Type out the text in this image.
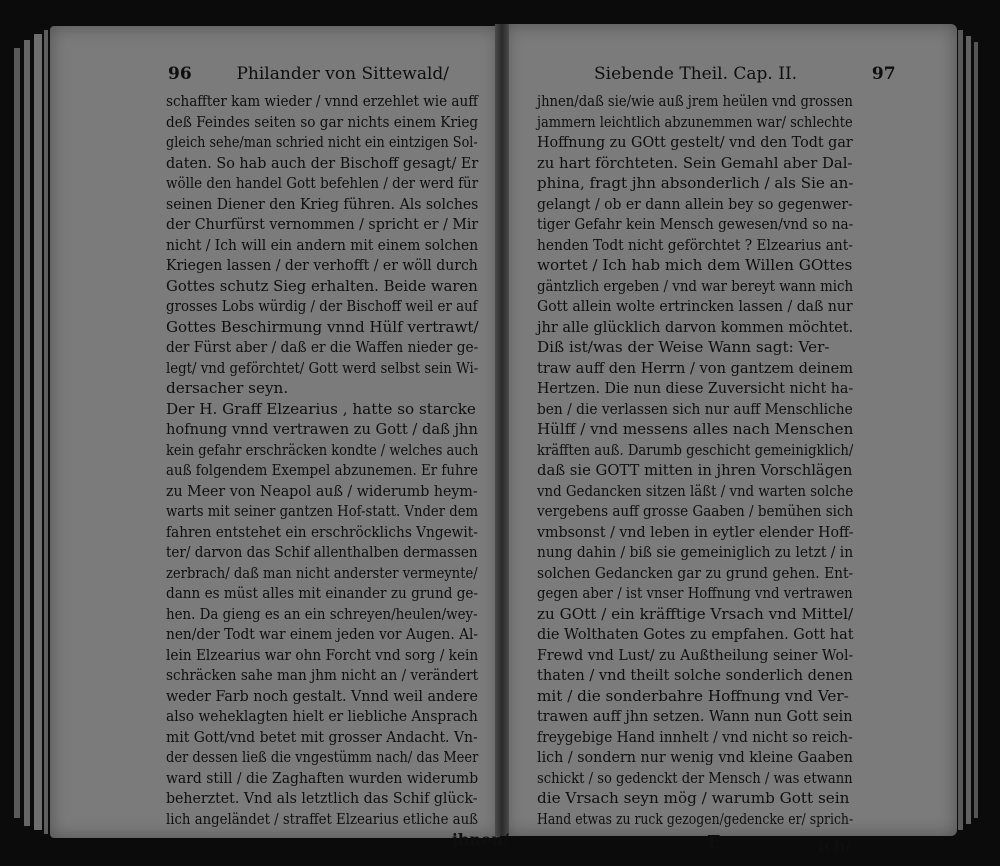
96	Philander von Sittewald/	Siebende Theil. Cap. II.	97
schaffter kam wieder / vnnd erzehlet wie auff
deß Feindes seiten so gar nichts einem Krieg
gleich sehe/man schried nicht ein eintzigen Sol-
daten. So hab auch der Bischoff gesagt/ Er
wölle den handel Gott befehlen / der werd für
seinen Diener den Krieg führen. Als solches
der Churfürst vernommen / spricht er / Mir
nicht / Ich will ein andern mit einem solchen
Kriegen lassen / der verhofft / er wöll durch
Gottes schutz Sieg erhalten. Beide waren
grosses Lobs würdig / der Bischoff weil er auf
Gottes Beschirmung vnnd Hülf vertrawt/
der Fürst aber / daß er die Waffen nieder ge-
legt/ vnd geförchtet/ Gott werd selbst sein Wi-
dersacher seyn.
Der H. Graff Elzearius , hatte so starcke
hofnung vnnd vertrawen zu Gott / daß jhn
kein gefahr erschräcken kondte / welches auch
auß folgendem Exempel abzunemen. Er fuhre
zu Meer von Neapol auß / widerumb heym-
warts mit seiner gantzen Hof-statt. Vnder dem
fahren entstehet ein erschröcklichs Vngewit-
ter/ darvon das Schif allenthalben dermassen
zerbrach/ daß man nicht anderster vermeynte/
dann es müst alles mit einander zu grund ge-
hen. Da gieng es an ein schreyen/heulen/wey-
nen/der Todt war einem jeden vor Augen. Al-
lein Elzearius war ohn Forcht vnd sorg / kein
schräcken sahe man jhm nicht an / verändert
weder Farb noch gestalt. Vnnd weil andere
also weheklagten hielt er liebliche Ansprach
mit Gott/vnd betet mit grosser Andacht. Vn-
der dessen ließ die vngestümm nach/ das Meer
ward still / die Zaghaften wurden widerumb
beherztet. Vnd als letztlich das Schif glück-
lich angeländet / straffet Elzearius etliche auß
jhnen/daß sie/wie auß jrem heülen vnd grossen
jammern leichtlich abzunemmen war/ schlechte
Hoffnung zu GOtt gestelt/ vnd den Todt gar
zu hart förchteten. Sein Gemahl aber Dal-
phina, fragt jhn absonderlich / als Sie an-
gelangt / ob er dann allein bey so gegenwer-
tiger Gefahr kein Mensch gewesen/vnd so na-
henden Todt nicht geförchtet ? Elzearius ant-
wortet / Ich hab mich dem Willen GOttes
gäntzlich ergeben / vnd war bereyt wann mich
Gott allein wolte ertrincken lassen / daß nur
jhr alle glücklich darvon kommen möchtet.
Diß ist/was der Weise Wann sagt: Ver-
traw auff den Herrn / von gantzem deinem
Hertzen. Die nun diese Zuversicht nicht ha-
ben / die verlassen sich nur auff Menschliche
Hülff / vnd messens alles nach Menschen
kräfften auß. Darumb geschicht gemeinigklich/
daß sie GOTT mitten in jhren Vorschlägen
vnd Gedancken sitzen läßt / vnd warten solche
vergebens auff grosse Gaaben / bemühen sich
vmbsonst / vnd leben in eytler elender Hoff-
nung dahin / biß sie gemeiniglich zu letzt / in
solchen Gedancken gar zu grund gehen. Ent-
gegen aber / ist vnser Hoffnung vnd vertrawen
zu GOtt / ein kräfftige Vrsach vnd Mittel/
die Wolthaten Gotes zu empfahen. Gott hat
Frewd vnd Lust/ zu Außtheilung seiner Wol-
thaten / vnd theilt solche sonderlich denen
mit / die sonderbahre Hoffnung vnd Ver-
trawen auff jhn setzen. Wann nun Gott sein
freygebige Hand innhelt / vnd nicht so reich-
lich / sondern nur wenig vnd kleine Gaaben
schickt / so gedenckt der Mensch / was etwann
die Vrsach seyn mög / warumb Gott sein
Hand etwas zu ruck gezogen/gedencke er/ sprich-
jhnen/	E	ich/
